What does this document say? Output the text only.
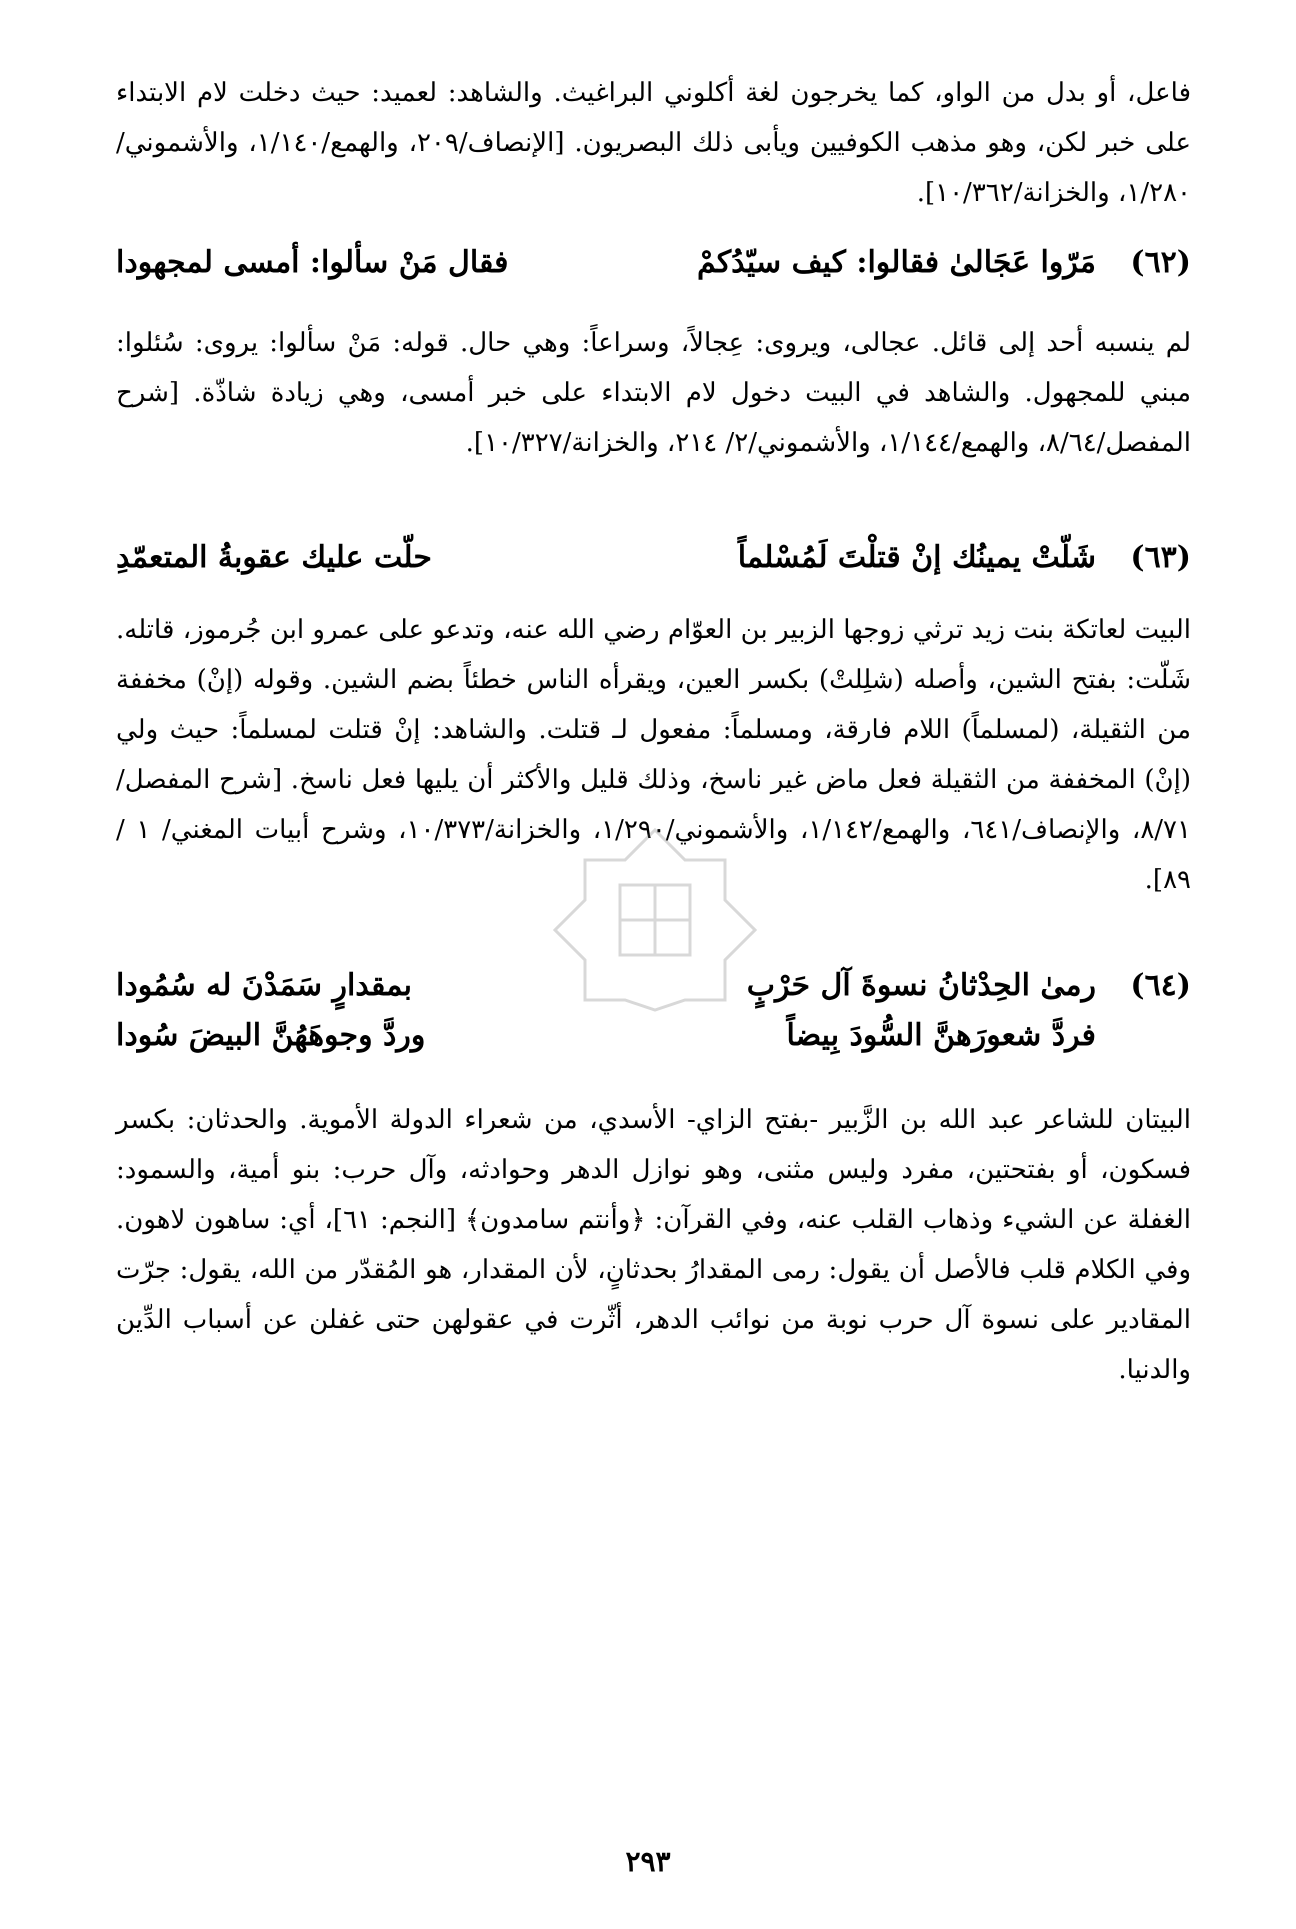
فاعل، أو بدل من الواو، كما يخرجون لغة أكلوني البراغيث. والشاهد: لعميد: حيث دخلت لام الابتداء على خبر لكن، وهو مذهب الكوفيين ويأبى ذلك البصريون. [الإنصاف/٢٠٩، والهمع/١/١٤٠، والأشموني/١/٢٨٠، والخزانة/١٠/٣٦٢].

(٦٢)
مَرّوا عَجَالىٰ فقالوا: كيف سيّدُكمْ
فقال مَنْ سألوا: أمسى لمجهودا

لم ينسبه أحد إلى قائل. عجالى، ويروى: عِجالاً، وسراعاً: وهي حال. قوله: مَنْ سألوا: يروى: سُئلوا: مبني للمجهول. والشاهد في البيت دخول لام الابتداء على خبر أمسى، وهي زيادة شاذّة. [شرح المفصل/٨/٦٤، والهمع/١/١٤٤، والأشموني/٢/ ٢١٤، والخزانة/١٠/٣٢٧].

(٦٣)
شَلّتْ يمينُك إنْ قتلْتَ لَمُسْلماً
حلّت عليك عقوبةُ المتعمّدِ

البيت لعاتكة بنت زيد ترثي زوجها الزبير بن العوّام رضي الله عنه، وتدعو على عمرو ابن جُرموز، قاتله. شَلّت: بفتح الشين، وأصله (شلِلتْ) بكسر العين، ويقرأه الناس خطئاً بضم الشين. وقوله (إنْ) مخففة من الثقيلة، (لمسلماً) اللام فارقة، ومسلماً: مفعول لـ قتلت. والشاهد: إنْ قتلت لمسلماً: حيث ولي (إنْ) المخففة من الثقيلة فعل ماض غير ناسخ، وذلك قليل والأكثر أن يليها فعل ناسخ. [شرح المفصل/٨/٧١، والإنصاف/٦٤١، والهمع/١/١٤٢، والأشموني/١/٢٩٠، والخزانة/١٠/٣٧٣، وشرح أبيات المغني/ ١ /٨٩].

(٦٤)
رمىٰ الحِدْثانُ نسوةَ آل حَرْبٍ
بمقدارٍ سَمَدْنَ له سُمُودا
فردَّ شعورَهنَّ السُّودَ بِيضاً
وردَّ وجوهَهُنَّ البيضَ سُودا

البيتان للشاعر عبد الله بن الزَّبير -بفتح الزاي- الأسدي، من شعراء الدولة الأموية. والحدثان: بكسر فسكون، أو بفتحتين، مفرد وليس مثنى، وهو نوازل الدهر وحوادثه، وآل حرب: بنو أمية، والسمود: الغفلة عن الشيء وذهاب القلب عنه، وفي القرآن: ﴿وأنتم سامدون﴾ [النجم: ٦١]، أي: ساهون لاهون. وفي الكلام قلب فالأصل أن يقول: رمى المقدارُ بحدثانٍ، لأن المقدار، هو المُقدّر من الله، يقول: جرّت المقادير على نسوة آل حرب نوبة من نوائب الدهر، أثّرت في عقولهن حتى غفلن عن أسباب الدِّين والدنيا.

٢٩٣
